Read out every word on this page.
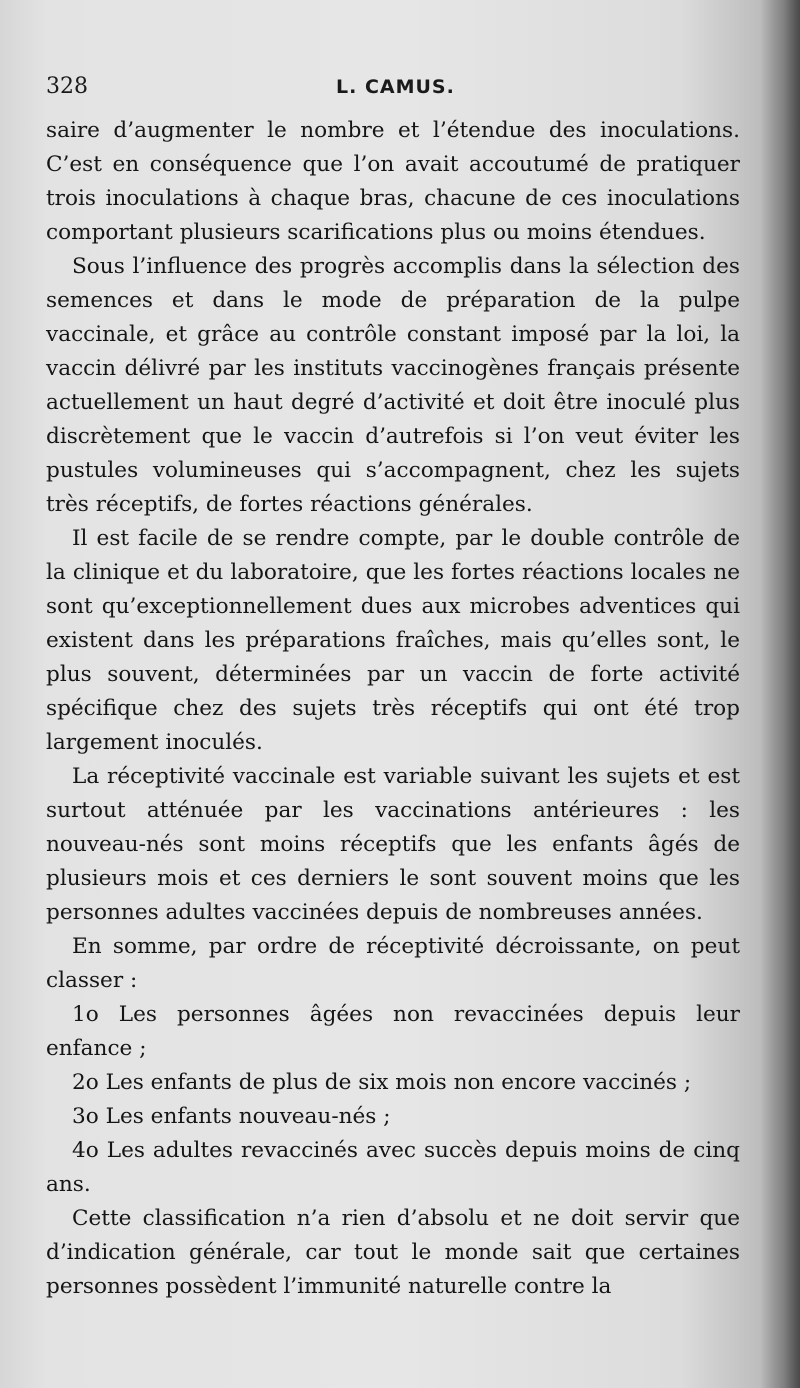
328	L. CAMUS.

saire d’augmenter le nombre et l’étendue des inoculations. C’est en conséquence que l’on avait accoutumé de pratiquer trois inoculations à chaque bras, chacune de ces inoculations comportant plusieurs scarifications plus ou moins étendues.

Sous l’influence des progrès accomplis dans la sélection des semences et dans le mode de préparation de la pulpe vaccinale, et grâce au contrôle constant imposé par la loi, la vaccin délivré par les instituts vaccinogènes français présente actuellement un haut degré d’activité et doit être inoculé plus discrètement que le vaccin d’autrefois si l’on veut éviter les pustules volumineuses qui s’accompagnent, chez les sujets très réceptifs, de fortes réactions générales.

Il est facile de se rendre compte, par le double contrôle de la clinique et du laboratoire, que les fortes réactions locales ne sont qu’exceptionnellement dues aux microbes adventices qui existent dans les préparations fraîches, mais qu’elles sont, le plus souvent, déterminées par un vaccin de forte activité spécifique chez des sujets très réceptifs qui ont été trop largement inoculés.

La réceptivité vaccinale est variable suivant les sujets et est surtout atténuée par les vaccinations antérieures : les nouveau-nés sont moins réceptifs que les enfants âgés de plusieurs mois et ces derniers le sont souvent moins que les personnes adultes vaccinées depuis de nombreuses années.

En somme, par ordre de réceptivité décroissante, on peut classer :

1o Les personnes âgées non revaccinées depuis leur enfance ;

2o Les enfants de plus de six mois non encore vaccinés ;

3o Les enfants nouveau-nés ;

4o Les adultes revaccinés avec succès depuis moins de cinq ans.

Cette classification n’a rien d’absolu et ne doit servir que d’indication générale, car tout le monde sait que certaines personnes possèdent l’immunité naturelle contre la
